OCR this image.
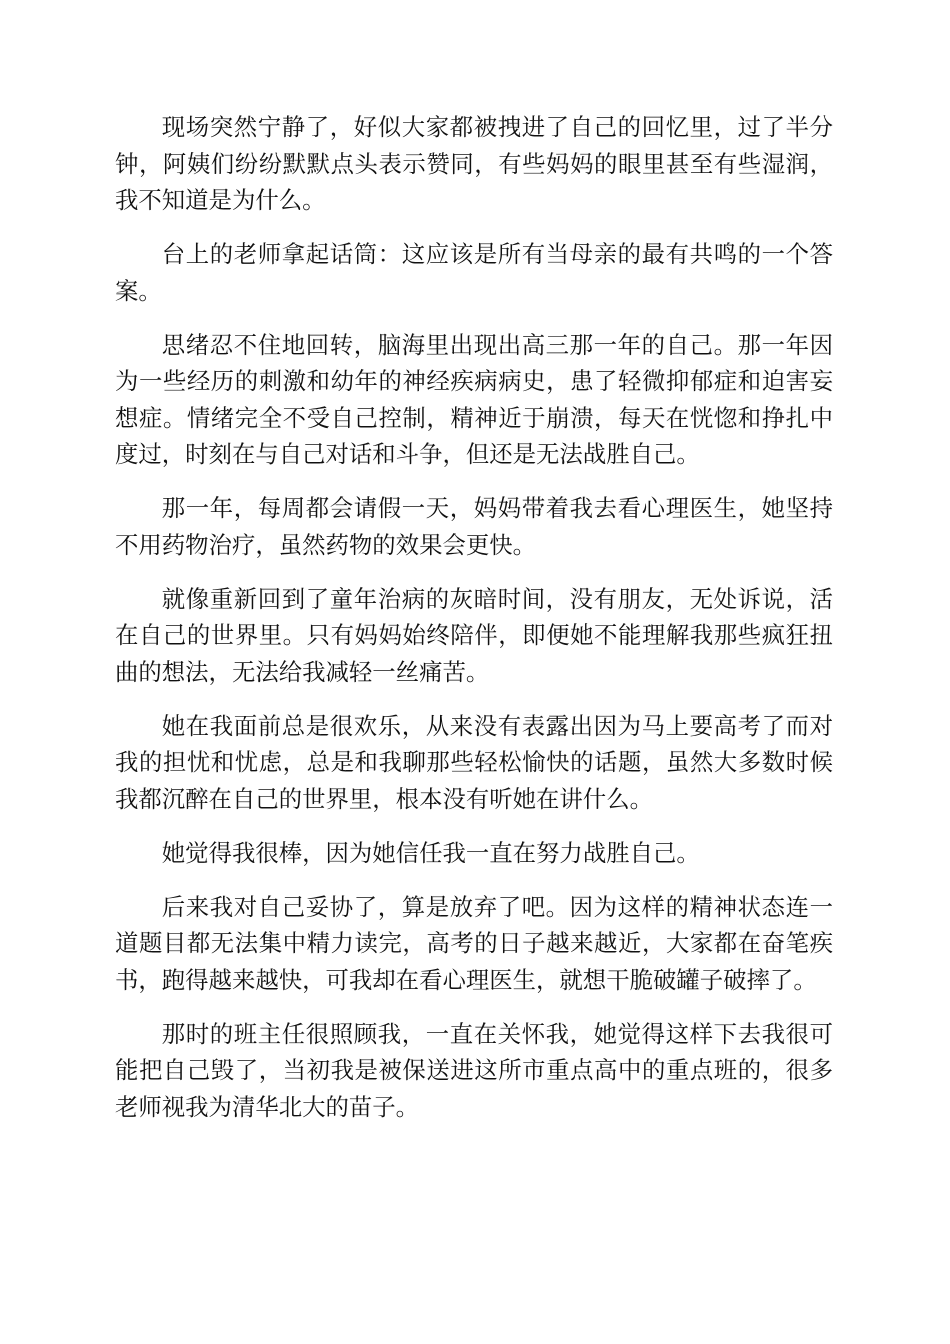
现场突然宁静了，好似大家都被拽进了自己的回忆里，过了半分钟，阿姨们纷纷默默点头表示赞同，有些妈妈的眼里甚至有些湿润，我不知道是为什么。

台上的老师拿起话筒：这应该是所有当母亲的最有共鸣的一个答案。

思绪忍不住地回转，脑海里出现出高三那一年的自己。那一年因为一些经历的刺激和幼年的神经疾病病史，患了轻微抑郁症和迫害妄想症。情绪完全不受自己控制，精神近于崩溃，每天在恍惚和挣扎中度过，时刻在与自己对话和斗争，但还是无法战胜自己。

那一年，每周都会请假一天，妈妈带着我去看心理医生，她坚持不用药物治疗，虽然药物的效果会更快。

就像重新回到了童年治病的灰暗时间，没有朋友，无处诉说，活在自己的世界里。只有妈妈始终陪伴，即便她不能理解我那些疯狂扭曲的想法，无法给我减轻一丝痛苦。

她在我面前总是很欢乐，从来没有表露出因为马上要高考了而对我的担忧和忧虑，总是和我聊那些轻松愉快的话题，虽然大多数时候我都沉醉在自己的世界里，根本没有听她在讲什么。

她觉得我很棒，因为她信任我一直在努力战胜自己。

后来我对自己妥协了，算是放弃了吧。因为这样的精神状态连一道题目都无法集中精力读完，高考的日子越来越近，大家都在奋笔疾书，跑得越来越快，可我却在看心理医生，就想干脆破罐子破摔了。

那时的班主任很照顾我，一直在关怀我，她觉得这样下去我很可能把自己毁了，当初我是被保送进这所市重点高中的重点班的，很多老师视我为清华北大的苗子。
